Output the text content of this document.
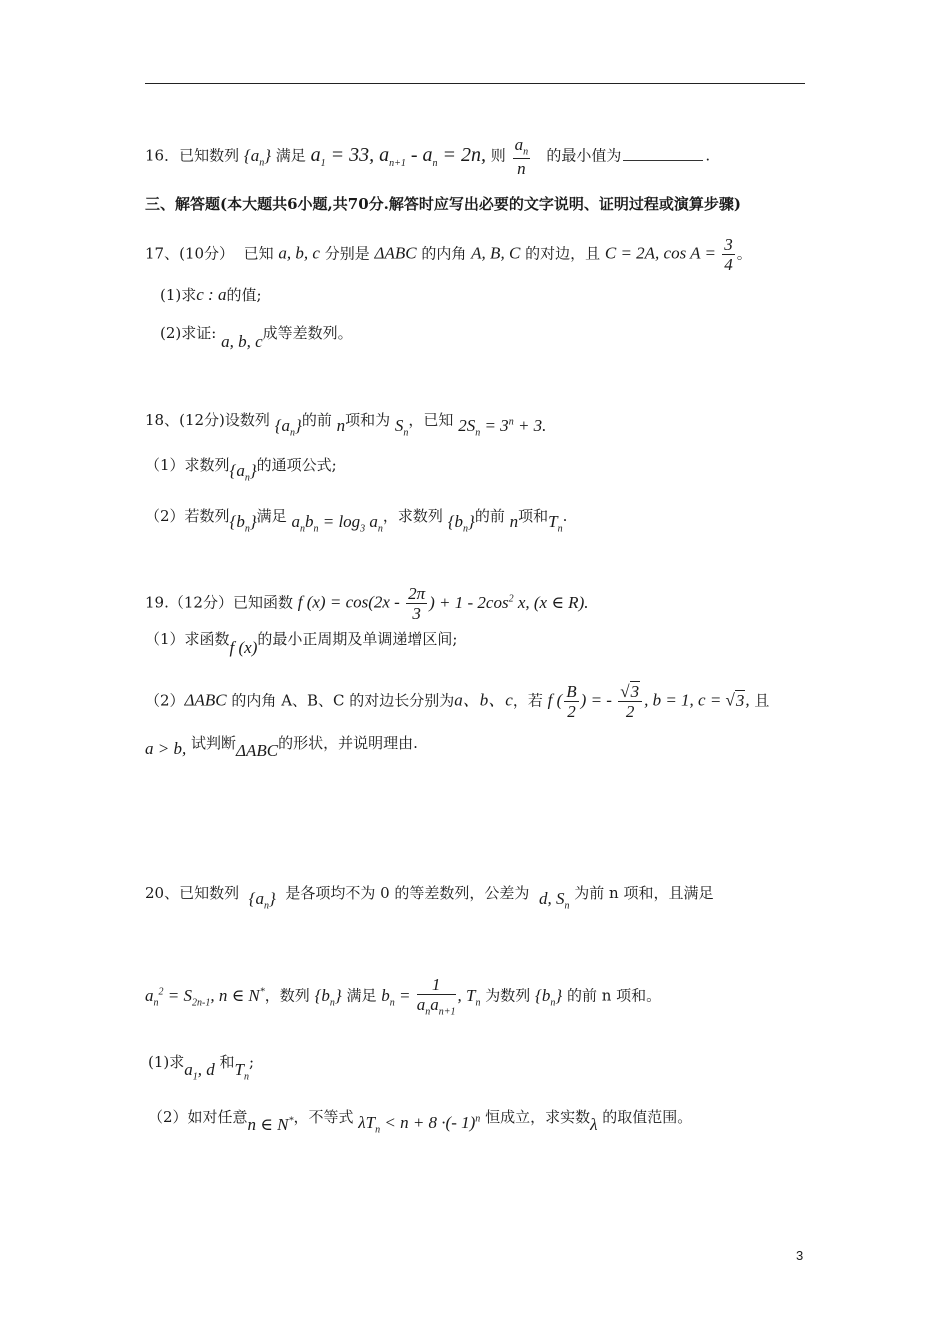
16．已知数列 $\{a_n\}$ 满足 $a_1 = 33$, $a_{n+1} - a_n = 2n$, 则 $\frac{a_n}{n}$ 的最小值为	.
三、解答题(本大题共6小题,共70分.解答时应写出必要的文字说明、证明过程或演算步骤)
17、(10分） 已知 a, b, c 分别是 ΔABC 的内角 A, B, C 的对边，且 C = 2A, $\cos A = \frac{3}{4}$ 。
(1)求c : a的值;
(2)求证: a, b, c成等差数列。
18、(12分)设数列 $\{a_n\}$的前 n项和为 $S_n$，已知 $2S_n = 3^n + 3$.
（1）求数列$\{a_n\}$的通项公式;
（2）若数列$\{b_n\}$满足 $a_nb_n = \log_3 a_n$，求数列 $\{b_n\}$的前 n项和$T_n$.
19.（12分）已知函数 f $(x) = \cos(2x - \frac{2\pi}{3}$ ) + $1 - 2\cos^2$ x, (x ∈ R).
（1）求函数f (x)的最小正周期及单调递增区间;
（2）ΔABC 的内角 A、B、C 的对边长分别为a、b、c，若 f ( $\frac{B}{2}$ ) = - $\frac{√3}{2}$ , b = 1, c = √3, 且
a > b, 试判断ΔABC的形状，并说明理由.
20、已知数列 $\{a_n\}$ 是各项均不为 0 的等差数列，公差为 d, $S_n$ 为前 n 项和，且满足
$a_n^2 = S_{2n-1}$, n ∈ N*，数列 $\{b_n\}$ 满足 $b_n = \frac{1}{a_na_{n+1}}$ , $T_n$ 为数列 $\{b_n\}$ 的前 n 项和。
(1)求$a_1$, d 和$T_n$;
（2）如对任意n ∈ N*，不等式 $\lambda T_n < n + 8$ ·(- 1)$^n$ 恒成立，求实数λ 的取值范围。
3
